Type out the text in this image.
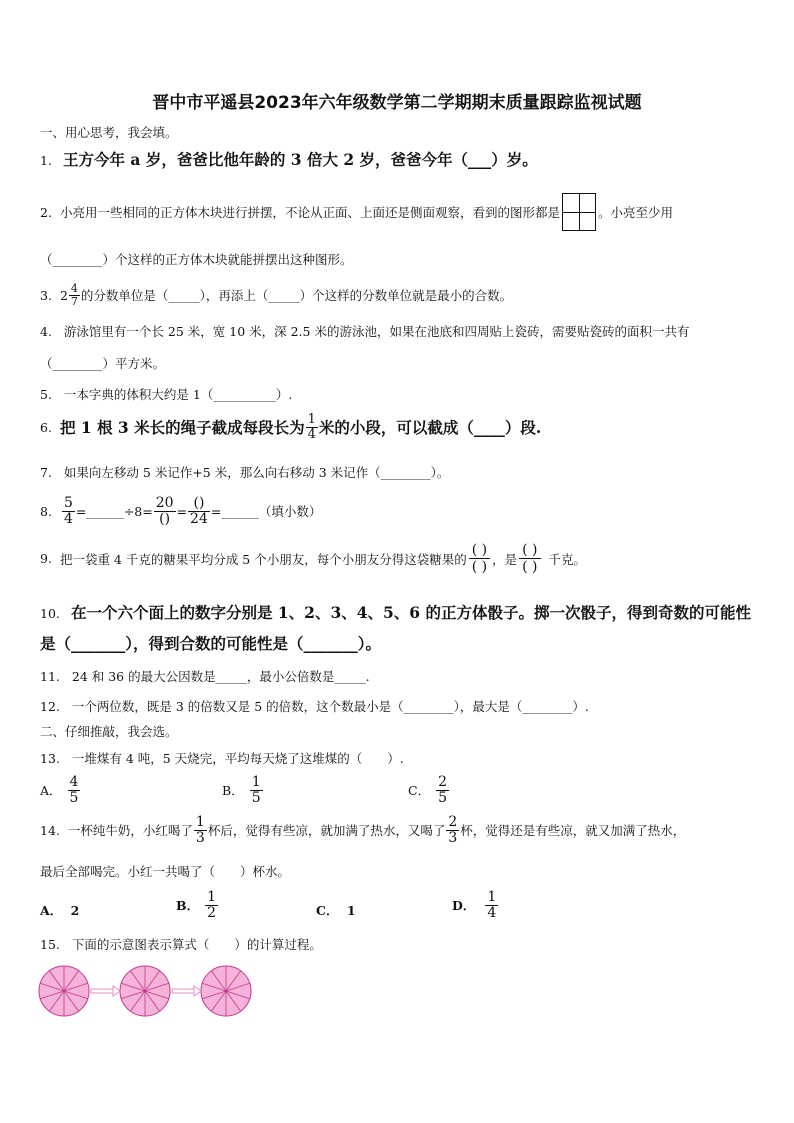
晋中市平遥县2023年六年级数学第二学期期末质量跟踪监视试题
一、用心思考，我会填。
1. 王方今年 a 岁，爸爸比他年龄的 3 倍大 2 岁，爸爸今年（___）岁。
2. 小亮用一些相同的正方体木块进行拼摆，不论从正面、上面还是侧面观察，看到的图形都是	。小亮至少用
（________）个这样的正方体木块就能拼摆出这种图形。
3. $2 \frac{4}{7}$ 的分数单位是（_____），再添上（_____）个这样的分数单位就是最小的合数。
4. 游泳馆里有一个长 25 米，宽 10 米，深 2.5 米的游泳池，如果在池底和四周贴上瓷砖，需要贴瓷砖的面积一共有
（________）平方米。
5. 一本字典的体积大约是 1（__________）.
6. 把 1 根 3 米长的绳子截成每段长为 $\frac{1}{4}$ 米的小段，可以截成（____）段.
7. 如果向左移动 5 米记作+5 米，那么向右移动 3 米记作（________）。
8. $\frac{5}{4}$ =______÷8= $\frac{20}{()} = \frac{()}{24}$ =______（填小数）
9. 把一袋重 4 千克的糖果平均分成 5 个小朋友，每个小朋友分得这袋糖果的
( )
( ) ，是
( )
( ) 千克。
10. 在一个六个面上的数字分别是 1、2、3、4、5、6 的正方体骰子。掷一次骰子，得到奇数的可能性
是（_______），得到合数的可能性是（_______）。
11. 24 和 36 的最大公因数是_____，最小公倍数是_____.
12. 一个两位数，既是 3 的倍数又是 5 的倍数，这个数最小是（________），最大是（________）.
二、仔细推敲，我会选。
13. 一堆煤有 4 吨，5 天烧完，平均每天烧了这堆煤的（　　）.
A． $\frac{4}{5}$	B． $\frac{1}{5}$	C． $\frac{2}{5}$
14. 一杯纯牛奶，小红喝了 $\frac{1}{3}$ 杯后，觉得有些凉，就加满了热水，又喝了 $\frac{2}{3}$ 杯，觉得还是有些凉，就又加满了热水，
最后全部喝完。小红一共喝了（　　）杯水。
A． 2	B． $\frac{1}{2}$	C． 1	D． $\frac{1}{4}$
15. 下面的示意图表示算式（　　）的计算过程。
